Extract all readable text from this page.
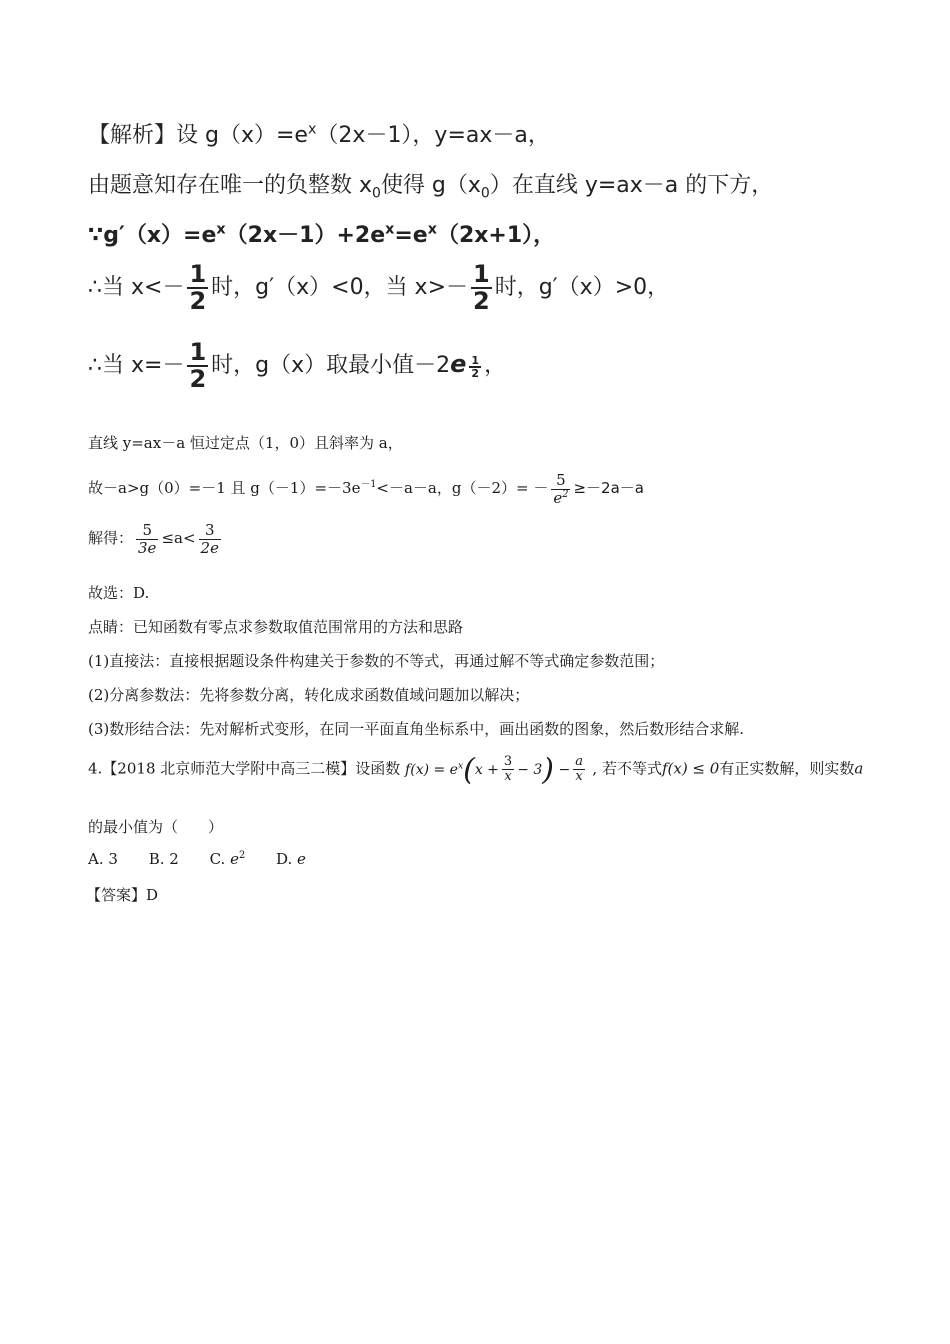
【解析】设 $g(x)=e^x(2x-1)$，y=ax－a，
由题意知存在唯一的负整数 $x_0$使得 $g(x_0)$在直线 y=ax－a 的下方，
$\because g'(x)=e^x(2x-1)+2e^x=e^x(2x+1)$，
∴当 $x<- \frac{1}{2}$ 时，g′（x）<0，当 $x>- \frac{1}{2}$ 时，g′（x）>0，
∴当 $x=- \frac{1}{2}$ 时，g（x）取最小值$-2e \frac{1}{2}$ ，
直线 y=ax－a 恒过定点（1，0）且斜率为 a，
故－a>g（0）=－1 且 $g(-1)=-3e^{-1}<-a-a$，$g(-2)= - \frac{5}{e^2} \ge-2a-a$
解得： $\frac{5}{3e} \le a< \frac{3}{2e}$
故选：D.
点睛：已知函数有零点求参数取值范围常用的方法和思路
(1)直接法：直接根据题设条件构建关于参数的不等式，再通过解不等式确定参数范围；
(2)分离参数法：先将参数分离，转化成求函数值域问题加以解决；
(3)数形结合法：先对解析式变形，在同一平面直角坐标系中，画出函数的图象，然后数形结合求解.
4.【2018 北京师范大学附中高三二模】设函数 $f(x) = e^x(x + \frac{3}{x} - 3) - \frac{a}{x}$ , 若不等式f(x) ≤ 0有正实数解，则实数a
的最小值为（　　）
A. 3 B. 2 C. $e^2$ D. e
【答案】D
